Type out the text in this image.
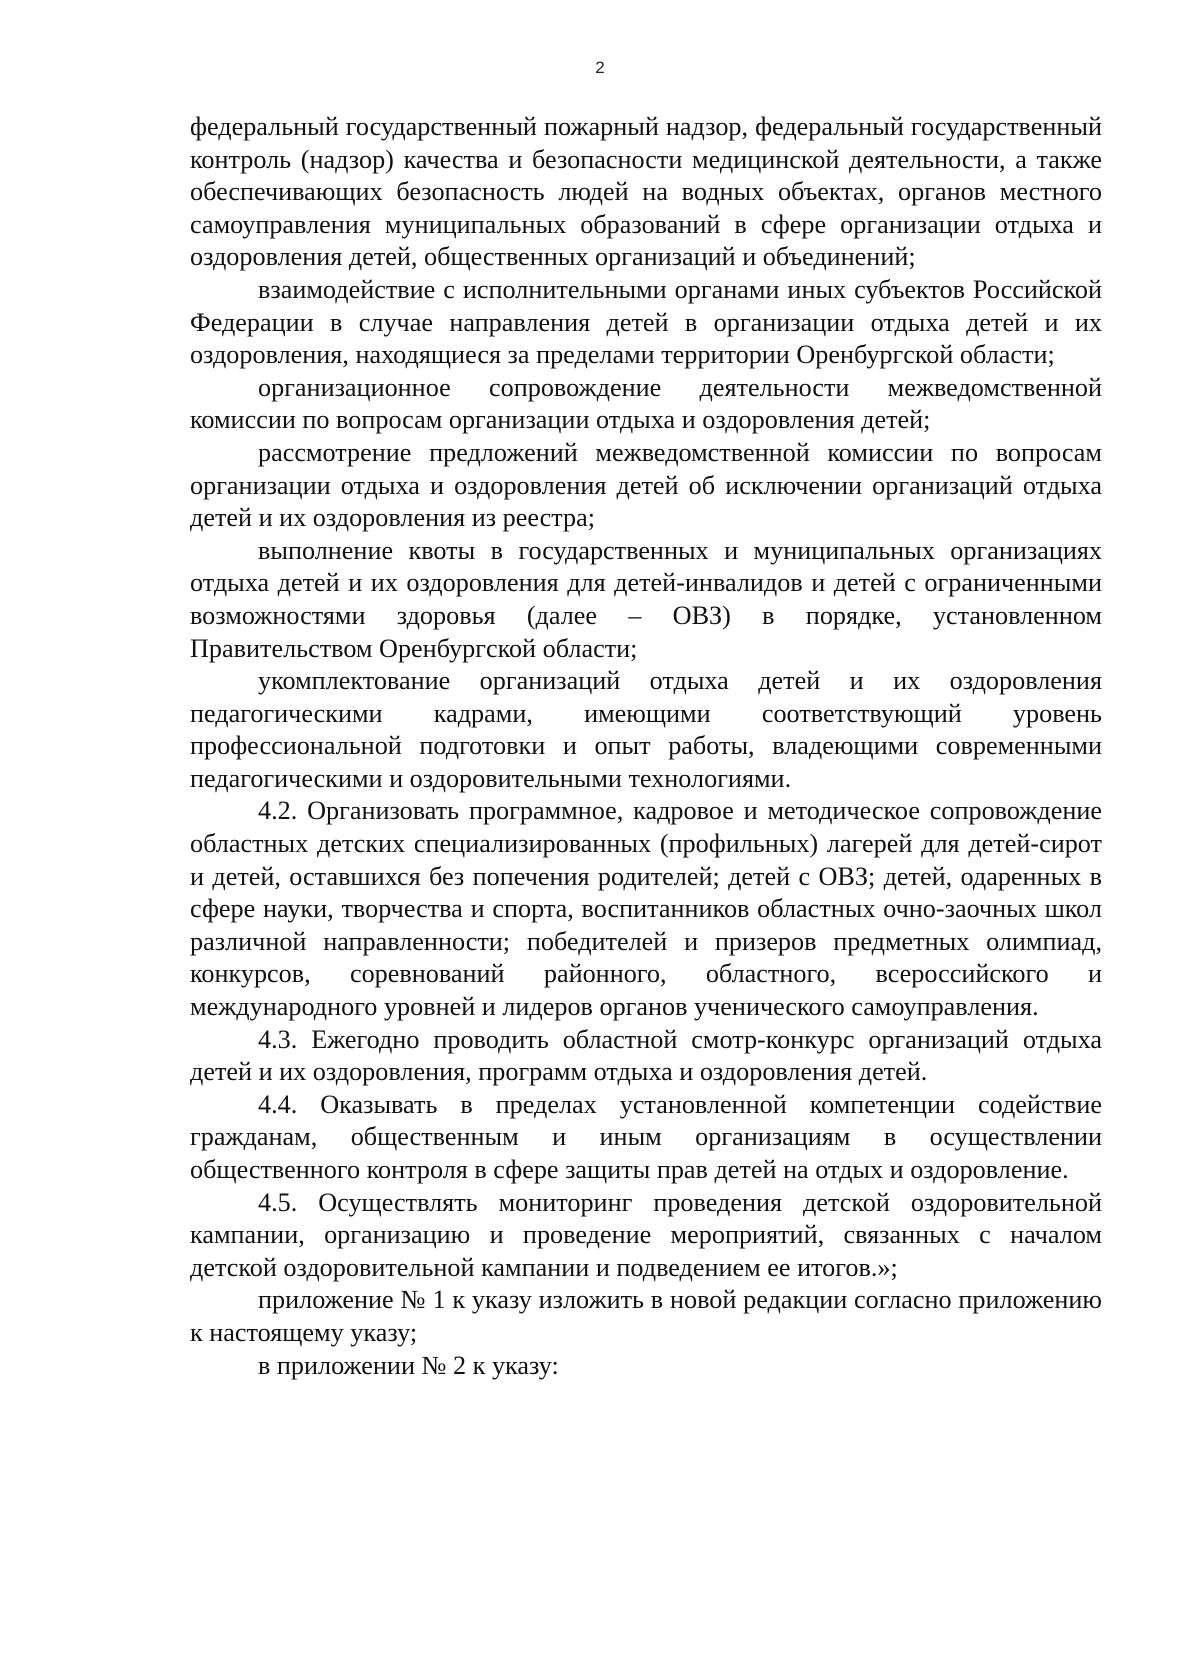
2

федеральный государственный пожарный надзор, федеральный государственный контроль (надзор) качества и безопасности медицинской деятельности, а также обеспечивающих безопасность людей на водных объектах, органов местного самоуправления муниципальных образований в сфере организации отдыха и оздоровления детей, общественных организаций и объединений;

взаимодействие с исполнительными органами иных субъектов Российской Федерации в случае направления детей в организации отдыха детей и их оздоровления, находящиеся за пределами территории Оренбургской области;

организационное сопровождение деятельности межведомственной комиссии по вопросам организации отдыха и оздоровления детей;

рассмотрение предложений межведомственной комиссии по вопросам организации отдыха и оздоровления детей об исключении организаций отдыха детей и их оздоровления из реестра;

выполнение квоты в государственных и муниципальных организациях отдыха детей и их оздоровления для детей-инвалидов и детей с ограниченными возможностями здоровья (далее – ОВЗ) в порядке, установленном Правительством Оренбургской области;

укомплектование организаций отдыха детей и их оздоровления педагогическими кадрами, имеющими соответствующий уровень профессиональной подготовки и опыт работы, владеющими современными педагогическими и оздоровительными технологиями.

4.2. Организовать программное, кадровое и методическое сопровождение областных детских специализированных (профильных) лагерей для детей-сирот и детей, оставшихся без попечения родителей; детей с ОВЗ; детей, одаренных в сфере науки, творчества и спорта, воспитанников областных очно-заочных школ различной направленности; победителей и призеров предметных олимпиад, конкурсов, соревнований районного, областного, всероссийского и международного уровней и лидеров органов ученического самоуправления.

4.3. Ежегодно проводить областной смотр-конкурс организаций отдыха детей и их оздоровления, программ отдыха и оздоровления детей.

4.4. Оказывать в пределах установленной компетенции содействие гражданам, общественным и иным организациям в осуществлении общественного контроля в сфере защиты прав детей на отдых и оздоровление.

4.5. Осуществлять мониторинг проведения детской оздоровительной кампании, организацию и проведение мероприятий, связанных с началом детской оздоровительной кампании и подведением ее итогов.»;

приложение № 1 к указу изложить в новой редакции согласно приложению к настоящему указу;

в приложении № 2 к указу:
